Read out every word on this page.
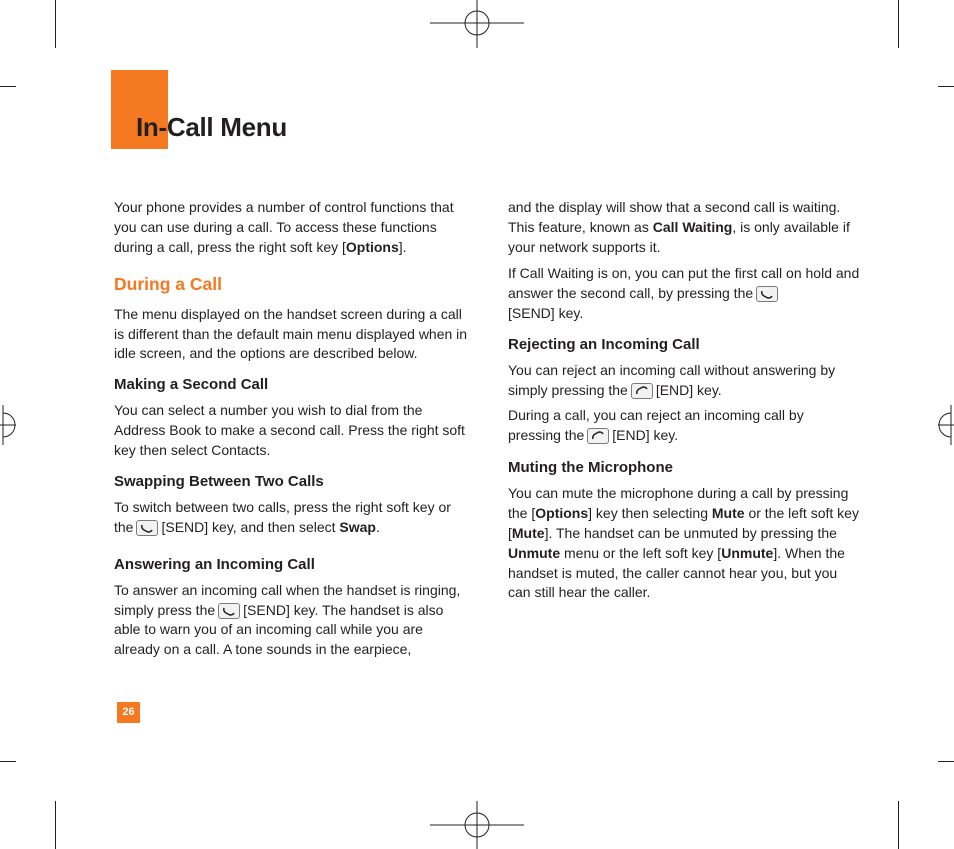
In-Call Menu

Your phone provides a number of control functions that you can use during a call. To access these functions during a call, press the right soft key [Options].

During a Call

The menu displayed on the handset screen during a call is different than the default main menu displayed when in idle screen, and the options are described below.

Making a Second Call

You can select a number you wish to dial from the Address Book to make a second call. Press the right soft key then select Contacts.

Swapping Between Two Calls

To switch between two calls, press the right soft key or the [SEND] key, and then select Swap.

Answering an Incoming Call

To answer an incoming call when the handset is ringing, simply press the [SEND] key. The handset is also able to warn you of an incoming call while you are already on a call. A tone sounds in the earpiece,

and the display will show that a second call is waiting. This feature, known as Call Waiting, is only available if your network supports it.

If Call Waiting is on, you can put the first call on hold and answer the second call, by pressing the

[SEND] key.

Rejecting an Incoming Call

You can reject an incoming call without answering by simply pressing the [END] key.

During a call, you can reject an incoming call by pressing the [END] key.

Muting the Microphone

You can mute the microphone during a call by pressing the [Options] key then selecting Mute or the left soft key [Mute]. The handset can be unmuted by pressing the Unmute menu or the left soft key [Unmute]. When the handset is muted, the caller cannot hear you, but you can still hear the caller.

26
